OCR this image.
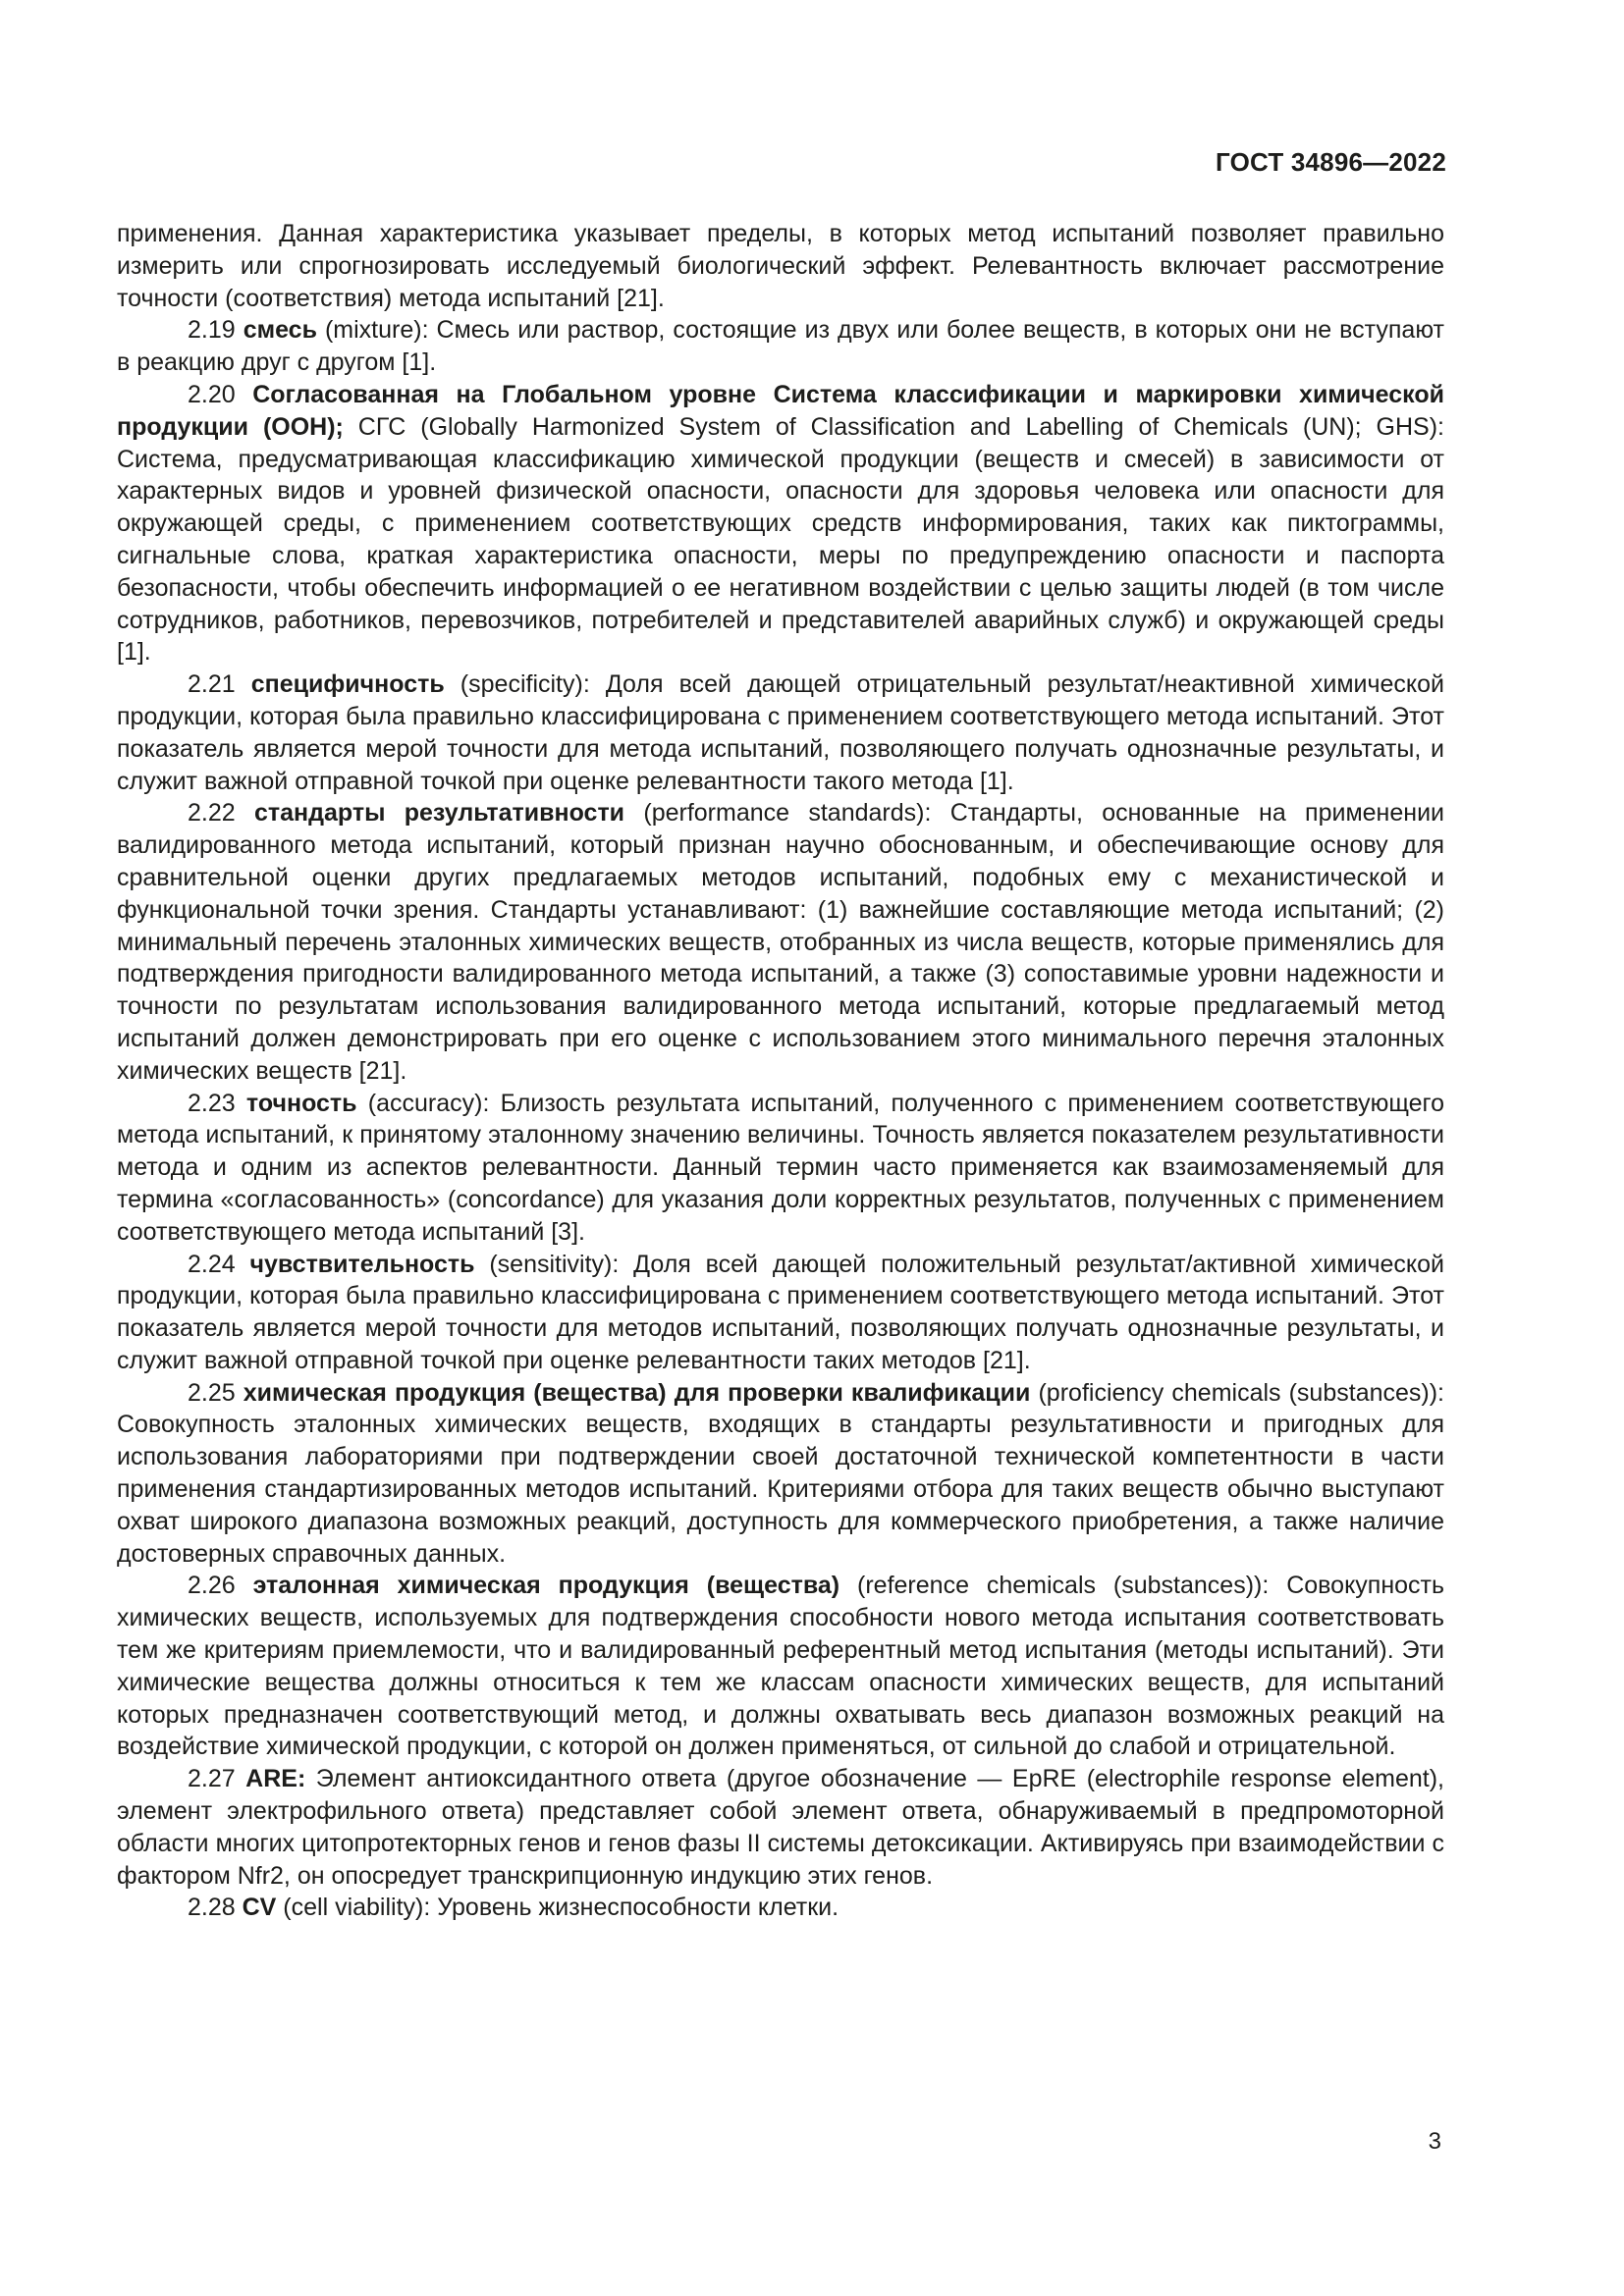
ГОСТ 34896—2022

применения. Данная характеристика указывает пределы, в которых метод испытаний позволяет правильно измерить или спрогнозировать исследуемый биологический эффект. Релевантность включает рассмотрение точности (соответствия) метода испытаний [21].

2.19 смесь (mixture): Смесь или раствор, состоящие из двух или более веществ, в которых они не вступают в реакцию друг с другом [1].

2.20 Согласованная на Глобальном уровне Система классификации и маркировки химической продукции (ООН); СГС (Globally Harmonized System of Classification and Labelling of Chemicals (UN); GHS): Система, предусматривающая классификацию химической продукции (веществ и смесей) в зависимости от характерных видов и уровней физической опасности, опасности для здоровья человека или опасности для окружающей среды, с применением соответствующих средств информирования, таких как пиктограммы, сигнальные слова, краткая характеристика опасности, меры по предупреждению опасности и паспорта безопасности, чтобы обеспечить информацией о ее негативном воздействии с целью защиты людей (в том числе сотрудников, работников, перевозчиков, потребителей и представителей аварийных служб) и окружающей среды [1].

2.21 специфичность (specificity): Доля всей дающей отрицательный результат/неактивной химической продукции, которая была правильно классифицирована с применением соответствующего метода испытаний. Этот показатель является мерой точности для метода испытаний, позволяющего получать однозначные результаты, и служит важной отправной точкой при оценке релевантности такого метода [1].

2.22 стандарты результативности (performance standards): Стандарты, основанные на применении валидированного метода испытаний, который признан научно обоснованным, и обеспечивающие основу для сравнительной оценки других предлагаемых методов испытаний, подобных ему с механистической и функциональной точки зрения. Стандарты устанавливают: (1) важнейшие составляющие метода испытаний; (2) минимальный перечень эталонных химических веществ, отобранных из числа веществ, которые применялись для подтверждения пригодности валидированного метода испытаний, а также (3) сопоставимые уровни надежности и точности по результатам использования валидированного метода испытаний, которые предлагаемый метод испытаний должен демонстрировать при его оценке с использованием этого минимального перечня эталонных химических веществ [21].

2.23 точность (accuracy): Близость результата испытаний, полученного с применением соответствующего метода испытаний, к принятому эталонному значению величины. Точность является показателем результативности метода и одним из аспектов релевантности. Данный термин часто применяется как взаимозаменяемый для термина «согласованность» (concordance) для указания доли корректных результатов, полученных с применением соответствующего метода испытаний [3].

2.24 чувствительность (sensitivity): Доля всей дающей положительный результат/активной химической продукции, которая была правильно классифицирована с применением соответствующего метода испытаний. Этот показатель является мерой точности для методов испытаний, позволяющих получать однозначные результаты, и служит важной отправной точкой при оценке релевантности таких методов [21].

2.25 химическая продукция (вещества) для проверки квалификации (proficiency chemicals (substances)): Совокупность эталонных химических веществ, входящих в стандарты результативности и пригодных для использования лабораториями при подтверждении своей достаточной технической компетентности в части применения стандартизированных методов испытаний. Критериями отбора для таких веществ обычно выступают охват широкого диапазона возможных реакций, доступность для коммерческого приобретения, а также наличие достоверных справочных данных.

2.26 эталонная химическая продукция (вещества) (reference chemicals (substances)): Совокупность химических веществ, используемых для подтверждения способности нового метода испытания соответствовать тем же критериям приемлемости, что и валидированный референтный метод испытания (методы испытаний). Эти химические вещества должны относиться к тем же классам опасности химических веществ, для испытаний которых предназначен соответствующий метод, и должны охватывать весь диапазон возможных реакций на воздействие химической продукции, с которой он должен применяться, от сильной до слабой и отрицательной.

2.27 ARE: Элемент антиоксидантного ответа (другое обозначение — EpRE (electrophile response element), элемент электрофильного ответа) представляет собой элемент ответа, обнаруживаемый в предпромоторной области многих цитопротекторных генов и генов фазы II системы детоксикации. Активируясь при взаимодействии с фактором Nfr2, он опосредует транскрипционную индукцию этих генов.

2.28 CV (cell viability): Уровень жизнеспособности клетки.

3
